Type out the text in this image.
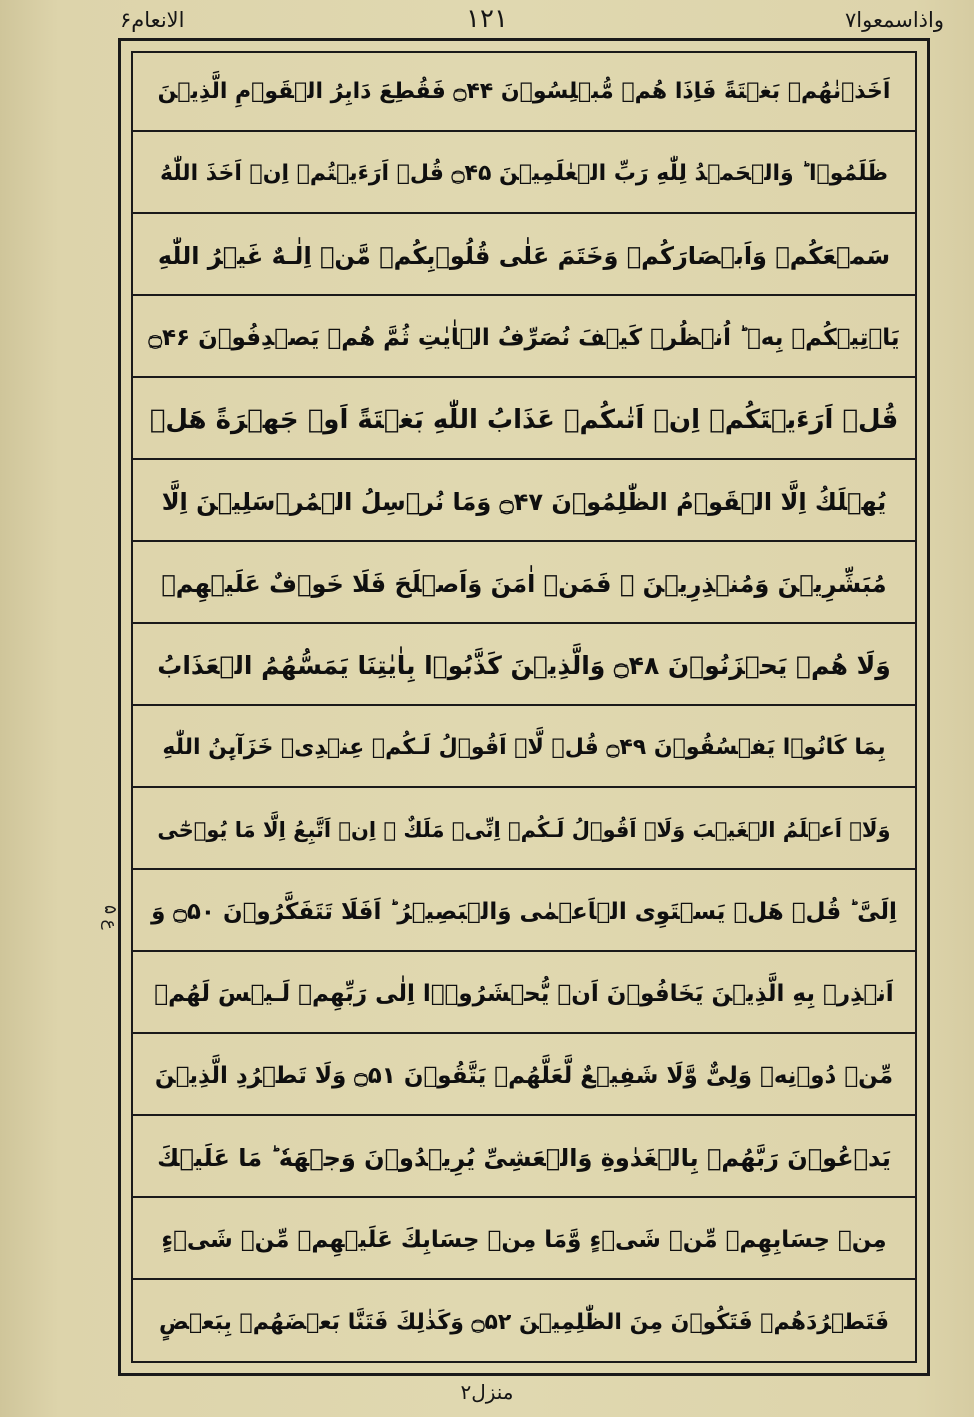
واذاسمعوا۷
۱۲۱
الانعام۶
ع ۵
اَخَذۡنٰهُمۡ بَغۡتَةً فَاِذَا هُمۡ مُّبۡلِسُوۡنَ ۝۴۴ فَقُطِعَ دَابِرُ الۡقَوۡمِ الَّذِيۡنَ
ظَلَمُوۡا ؕ وَالۡحَمۡدُ لِلّٰهِ رَبِّ الۡعٰلَمِيۡنَ ۝۴۵ قُلۡ اَرَءَيۡتُمۡ اِنۡ اَخَذَ اللّٰهُ
سَمۡعَكُمۡ وَاَبۡصَارَكُمۡ وَخَتَمَ عَلٰى قُلُوۡبِكُمۡ مَّنۡ اِلٰـهٌ غَيۡرُ اللّٰهِ
يَاۡتِيۡكُمۡ بِهٖ ؕ اُنۡظُرۡ كَيۡفَ نُصَرِّفُ الۡاٰيٰتِ ثُمَّ هُمۡ يَصۡدِفُوۡنَ ۝۴۶
قُلۡ اَرَءَيۡتَكُمۡ اِنۡ اَتٰٮكُمۡ عَذَابُ اللّٰهِ بَغۡتَةً اَوۡ جَهۡرَةً هَلۡ
يُهۡلَكُ اِلَّا الۡقَوۡمُ الظّٰلِمُوۡنَ ۝۴۷ وَمَا نُرۡسِلُ الۡمُرۡسَلِيۡنَ اِلَّا
مُبَشِّرِيۡنَ وَمُنۡذِرِيۡنَ ۚ فَمَنۡ اٰمَنَ وَاَصۡلَحَ فَلَا خَوۡفٌ عَلَيۡهِمۡ
وَلَا هُمۡ يَحۡزَنُوۡنَ ۝۴۸ وَالَّذِيۡنَ كَذَّبُوۡا بِاٰيٰتِنَا يَمَسُّهُمُ الۡعَذَابُ
بِمَا كَانُوۡا يَفۡسُقُوۡنَ ۝۴۹ قُلۡ لَّاۤ اَقُوۡلُ لَـكُمۡ عِنۡدِىۡ خَزَآٮِٕنُ اللّٰهِ
وَلَاۤ اَعۡلَمُ الۡغَيۡبَ وَلَاۤ اَقُوۡلُ لَـكُمۡ اِنِّىۡ مَلَكٌ ۚ اِنۡ اَتَّبِعُ اِلَّا مَا يُوۡحٰٓى
اِلَىَّ ؕ قُلۡ هَلۡ يَسۡتَوِى الۡاَعۡمٰى وَالۡبَصِيۡرُ ؕ اَفَلَا تَتَفَكَّرُوۡنَ ۝۵۰ وَ
اَنۡذِرۡ بِهِ الَّذِيۡنَ يَخَافُوۡنَ اَنۡ يُّحۡشَرُوۡۤا اِلٰى رَبِّهِمۡ لَـيۡسَ لَهُمۡ
مِّنۡ دُوۡنِهٖ وَلِىٌّ وَّلَا شَفِيۡعٌ لَّعَلَّهُمۡ يَتَّقُوۡنَ ۝۵۱ وَلَا تَطۡرُدِ الَّذِيۡنَ
يَدۡعُوۡنَ رَبَّهُمۡ بِالۡغَدٰوةِ وَالۡعَشِىِّ يُرِيۡدُوۡنَ وَجۡهَهٗ ؕ مَا عَلَيۡكَ
مِنۡ حِسَابِهِمۡ مِّنۡ شَىۡءٍ وَّمَا مِنۡ حِسَابِكَ عَلَيۡهِمۡ مِّنۡ شَىۡءٍ
فَتَطۡرُدَهُمۡ فَتَكُوۡنَ مِنَ الظّٰلِمِيۡنَ ۝۵۲ وَكَذٰلِكَ فَتَنَّا بَعۡضَهُمۡ بِبَعۡضٍ
منزل۲
